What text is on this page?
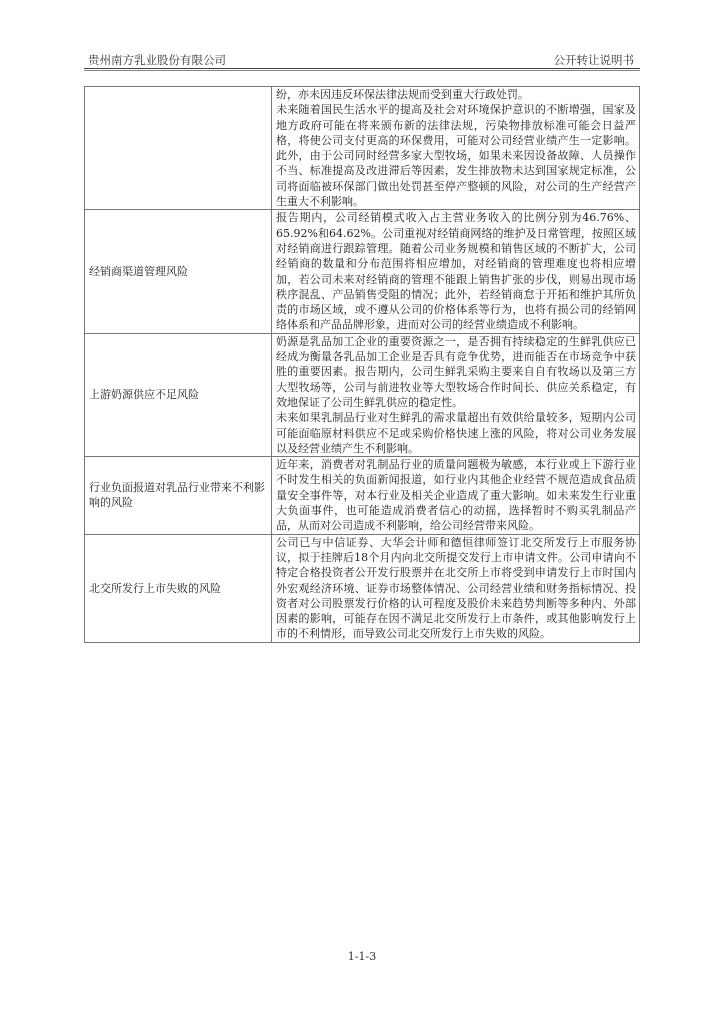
贵州南方乳业股份有限公司	公开转让说明书

	纷，亦未因违反环保法律法规而受到重大行政处罚。
未来随着国民生活水平的提高及社会对环境保护意识的不断增强，国家及地方政府可能在将来颁布新的法律法规，污染物排放标准可能会日益严格，将使公司支付更高的环保费用，可能对公司经营业绩产生一定影响。此外，由于公司同时经营多家大型牧场，如果未来因设备故障、人员操作不当、标准提高及改进滞后等因素，发生排放物未达到国家规定标准，公司将面临被环保部门做出处罚甚至停产整顿的风险，对公司的生产经营产生重大不利影响。

经销商渠道管理风险	报告期内，公司经销模式收入占主营业务收入的比例分别为46.76%、65.92%和64.62%。公司重视对经销商网络的维护及日常管理，按照区域对经销商进行跟踪管理。随着公司业务规模和销售区域的不断扩大，公司经销商的数量和分布范围将相应增加，对经销商的管理难度也将相应增加，若公司未来对经销商的管理不能跟上销售扩张的步伐，则易出现市场秩序混乱、产品销售受阻的情况；此外，若经销商怠于开拓和维护其所负责的市场区域，或不遵从公司的价格体系等行为，也将有损公司的经销网络体系和产品品牌形象，进而对公司的经营业绩造成不利影响。

上游奶源供应不足风险	奶源是乳品加工企业的重要资源之一，是否拥有持续稳定的生鲜乳供应已经成为衡量各乳品加工企业是否具有竞争优势，进而能否在市场竞争中获胜的重要因素。报告期内，公司生鲜乳采购主要来自自有牧场以及第三方大型牧场等，公司与前进牧业等大型牧场合作时间长、供应关系稳定，有效地保证了公司生鲜乳供应的稳定性。
未来如果乳制品行业对生鲜乳的需求量超出有效供给量较多，短期内公司可能面临原材料供应不足或采购价格快速上涨的风险，将对公司业务发展以及经营业绩产生不利影响。

行业负面报道对乳品行业带来不利影响的风险	近年来，消费者对乳制品行业的质量问题极为敏感，本行业或上下游行业不时发生相关的负面新闻报道，如行业内其他企业经营不规范造成食品质量安全事件等，对本行业及相关企业造成了重大影响。如未来发生行业重大负面事件，也可能造成消费者信心的动摇，选择暂时不购买乳制品产品，从而对公司造成不利影响，给公司经营带来风险。

北交所发行上市失败的风险	公司已与中信证券、大华会计师和德恒律师签订北交所发行上市服务协议，拟于挂牌后18个月内向北交所提交发行上市申请文件。公司申请向不特定合格投资者公开发行股票并在北交所上市将受到申请发行上市时国内外宏观经济环境、证券市场整体情况、公司经营业绩和财务指标情况、投资者对公司股票发行价格的认可程度及股价未来趋势判断等多种内、外部因素的影响，可能存在因不满足北交所发行上市条件，或其他影响发行上市的不利情形，而导致公司北交所发行上市失败的风险。
1-1-3
